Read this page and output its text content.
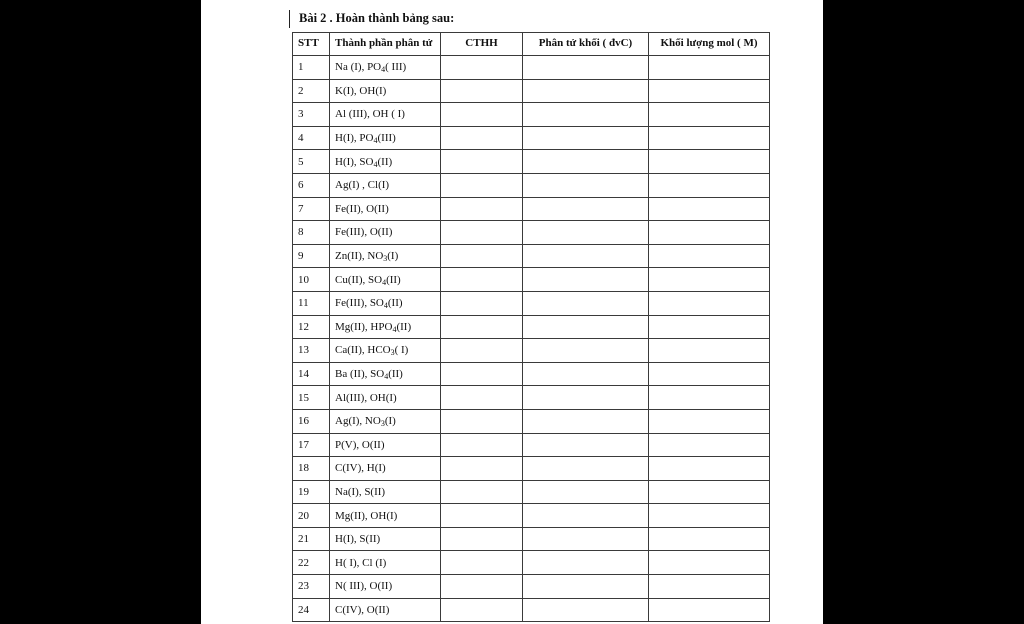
Bài 2 . Hoàn thành bảng sau:
STT	Thành phần phân tử	CTHH	Phân tử khối ( đvC)	Khối lượng mol ( M)
1	Na (I), $PO_4$( III)			
2	K(I), OH(I)			
3	Al (III), OH ( I)			
4	H(I), $PO_4(III)$			
5	H(I), $SO_4(II)$			
6	Ag(I) , Cl(I)			
7	Fe(II), O(II)			
8	Fe(III), O(II)			
9	Zn(II), $NO_3(I)$			
10	Cu(II), $SO_4(II)$			
11	Fe(III), $SO_4(II)$			
12	Mg(II), $HPO_4(II)$			
13	Ca(II), $HCO_3$( I)			
14	Ba (II), $SO_4(II)$			
15	Al(III), OH(I)			
16	Ag(I), $NO_3(I)$			
17	P(V), O(II)			
18	C(IV), H(I)			
19	Na(I), S(II)			
20	Mg(II), OH(I)			
21	H(I), S(II)			
22	H( I), Cl (I)			
23	N( III), O(II)			
24	C(IV), O(II)			
